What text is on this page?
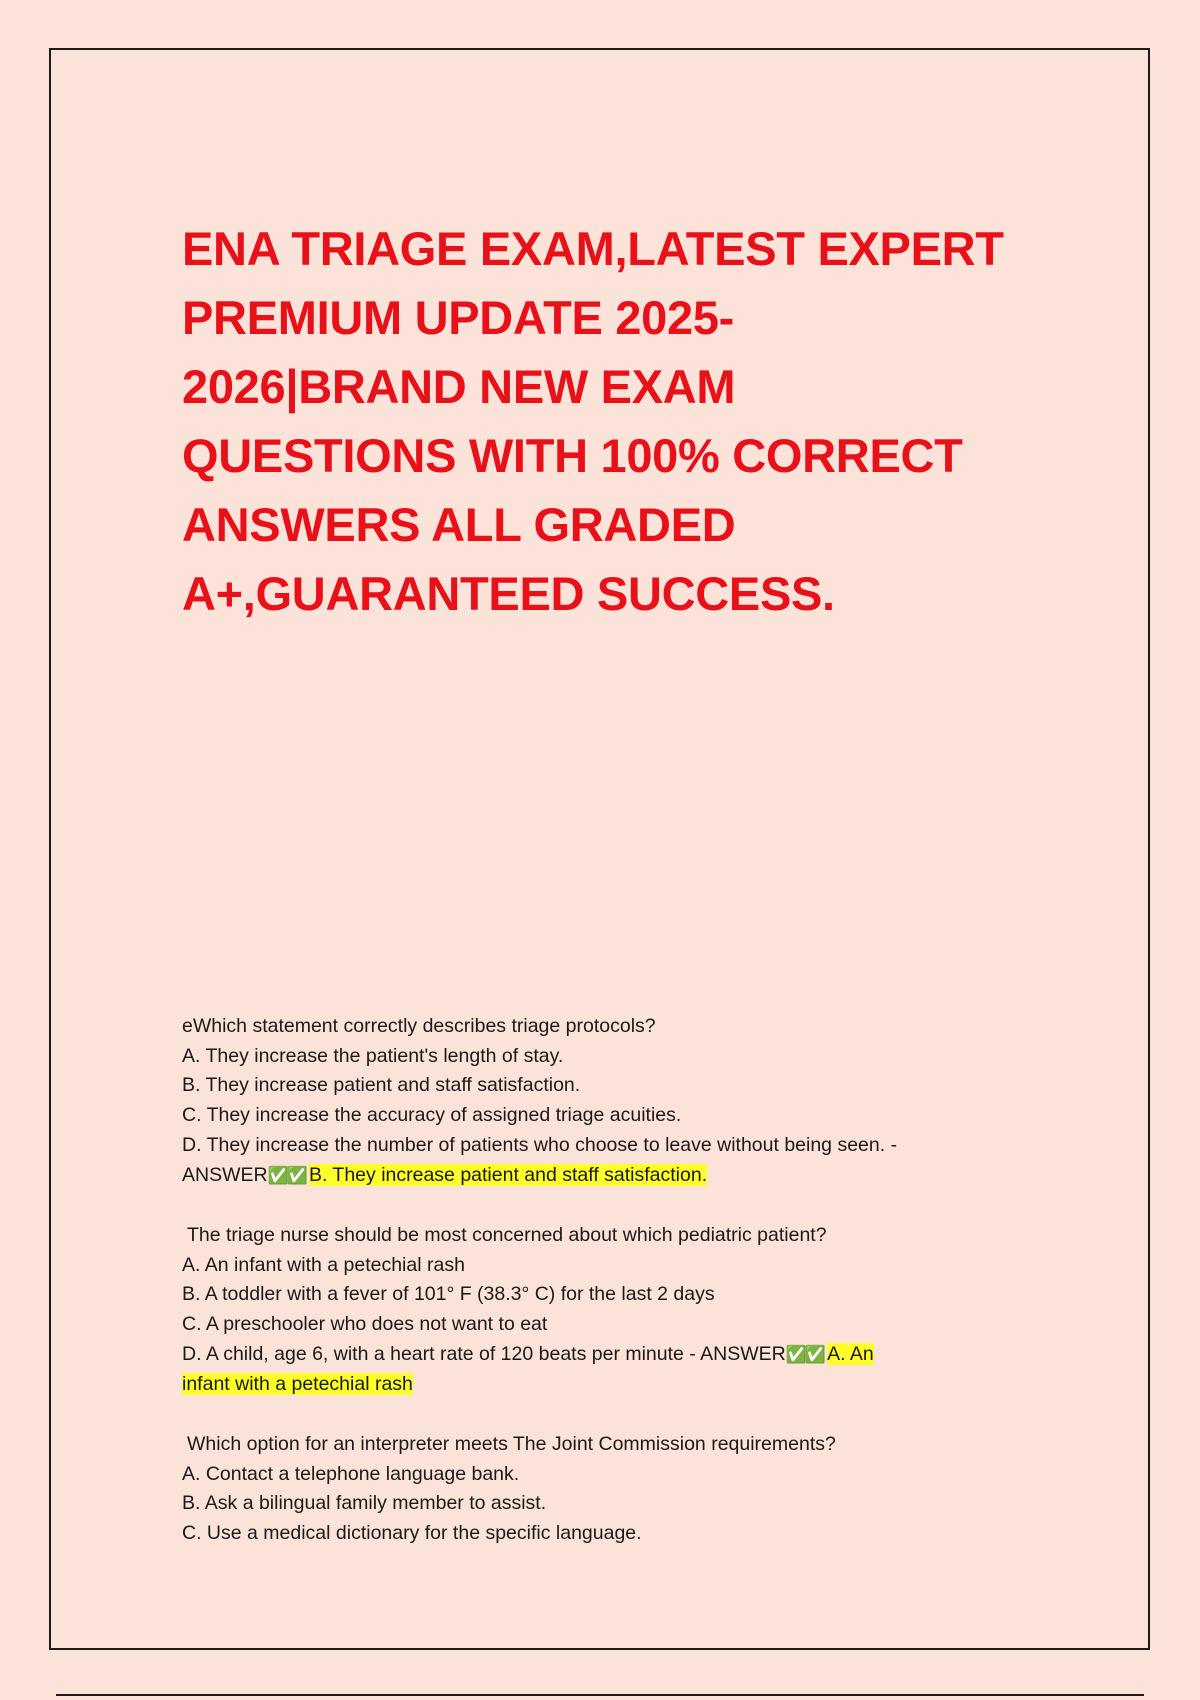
ENA TRIAGE EXAM,LATEST EXPERT
PREMIUM UPDATE 2025-
2026|BRAND NEW EXAM
QUESTIONS WITH 100% CORRECT
ANSWERS ALL GRADED
A+,GUARANTEED SUCCESS.
eWhich statement correctly describes triage protocols?
A. They increase the patient's length of stay.
B. They increase patient and staff satisfaction.
C. They increase the accuracy of assigned triage acuities.
D. They increase the number of patients who choose to leave without being seen. -
ANSWER✅✅ B. They increase patient and staff satisfaction.
The triage nurse should be most concerned about which pediatric patient?
A. An infant with a petechial rash
B. A toddler with a fever of 101° F (38.3° C) for the last 2 days
C. A preschooler who does not want to eat
D. A child, age 6, with a heart rate of 120 beats per minute - ANSWER✅✅ A. An
infant with a petechial rash
Which option for an interpreter meets The Joint Commission requirements?
A. Contact a telephone language bank.
B. Ask a bilingual family member to assist.
C. Use a medical dictionary for the specific language.
